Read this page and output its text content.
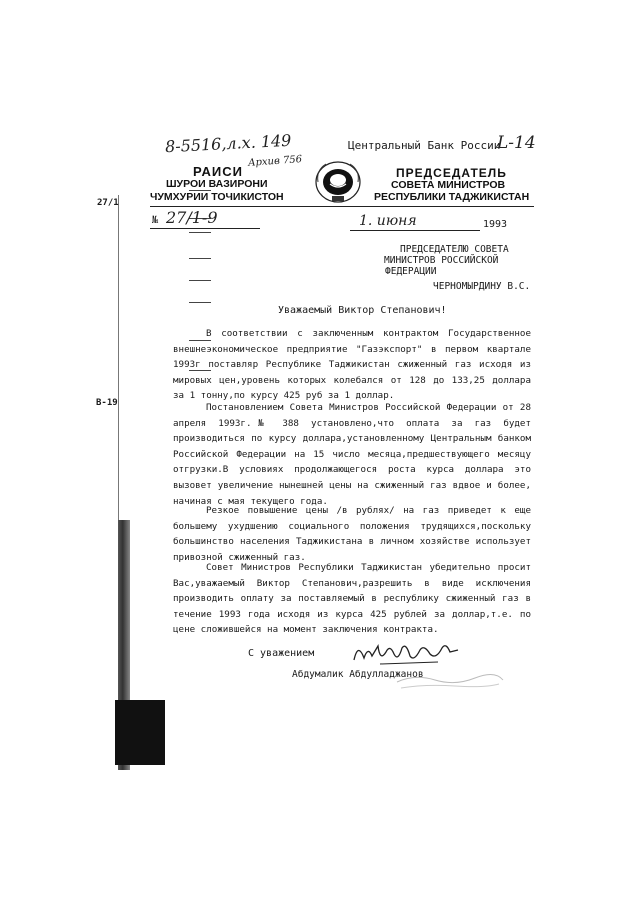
27/1
В-19
8-5516,л.х. 149
Архив 756
Центральный Банк России
L-14
РАИСИ
ШУРОИ ВАЗИРОНИ
ЧУМХУРИИ ТОЧИКИСТОН
ПРЕДСЕДАТЕЛЬ
СОВЕТА МИНИСТРОВ
РЕСПУБЛИКИ ТАДЖИКИСТАН
№ 27/1-9	1. июня	1993
ПРЕДСЕДАТЕЛЮ СОВЕТА
МИНИСТРОВ РОССИЙСКОЙ
ФЕДЕРАЦИИ
ЧЕРНОМЫРДИНУ В.С.
Уважаемый Виктор Степанович!

В соответствии с заключенным контрактом Государственное внешнеэкономическое предприятие "Газэкспорт" в первом квартале 1993г поставляр Республике Таджикистан сжиженный газ исходя из мировых цен,уровень которых колебался от 128 до 133,25 доллара за 1 тонну,по курсу 425 руб за 1 доллар.

Постановлением Совета Министров Российской Федерации от 28 апреля 1993г.№ 388 установлено,что оплата за газ будет производиться по курсу доллара,установленному Центральным банком Российской Федерации на 15 число месяца,предшествующего месяцу отгрузки.В условиях продолжающегося роста курса доллара это вызовет увеличение нынешней цены на сжиженный газ вдвое и более, начиная с мая текущего года.

Резкое повышение цены /в рублях/ на газ приведет к еще большему ухудшению социального положения трудящихся,поскольку большинство населения Таджикистана в личном хозяйстве использует привозной сжиженный газ.

Совет Министров Республики Таджикистан убедительно просит Вас,уважаемый Виктор Степанович,разрешить в виде исключения производить оплату за поставляемый в республику сжиженный газ в течение 1993 года исходя из курса 425 рублей за доллар,т.е. по цене сложившейся на момент заключения контракта.

С уважением
Абдумалик Абдулладжанов
